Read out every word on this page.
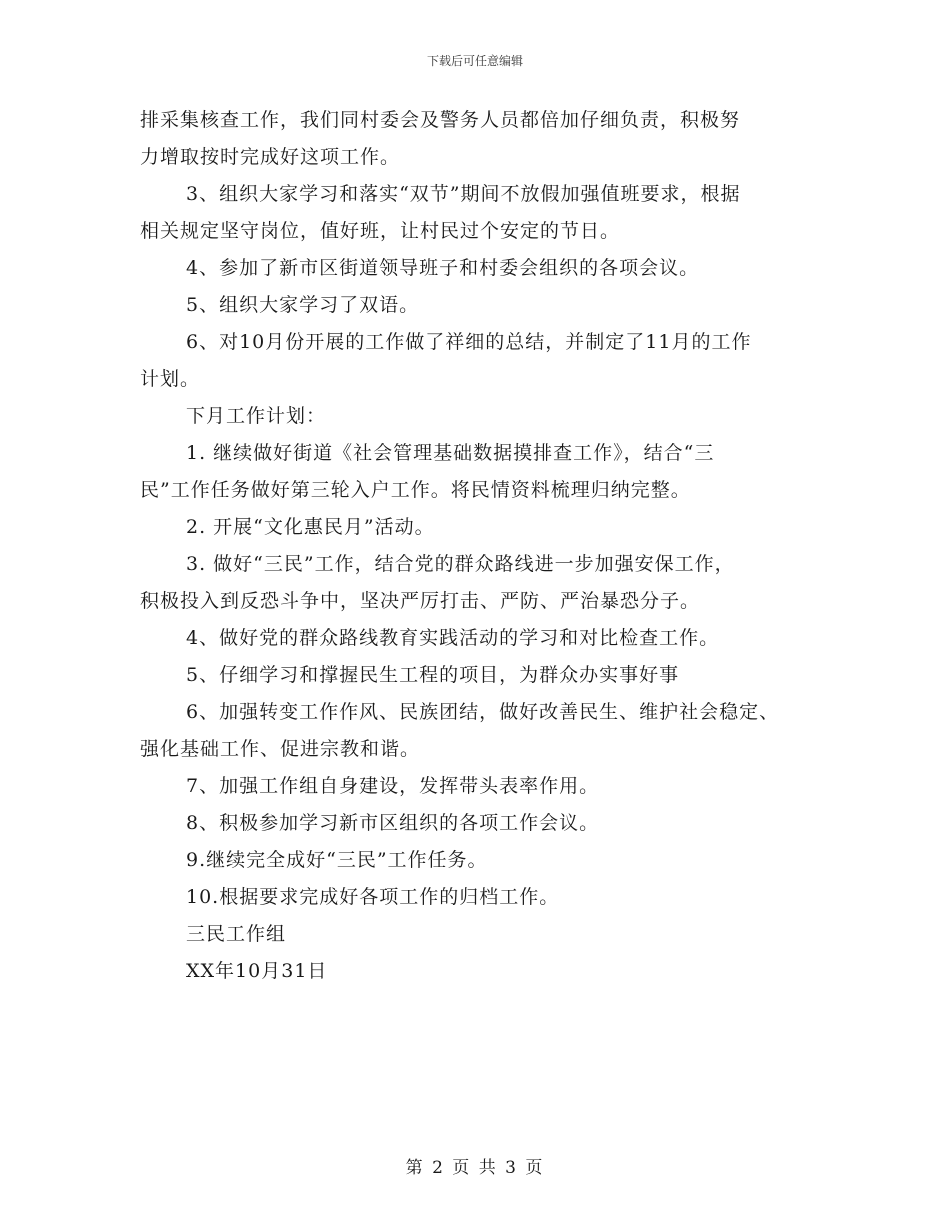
下载后可任意编辑

排采集核查工作，我们同村委会及警务人员都倍加仔细负责，积极努

力增取按时完成好这项工作。

3、组织大家学习和落实“双节”期间不放假加强值班要求，根据

相关规定坚守岗位，值好班，让村民过个安定的节日。

4、参加了新市区街道领导班子和村委会组织的各项会议。

5、组织大家学习了双语。

6、对10月份开展的工作做了祥细的总结，并制定了11月的工作

计划。

下月工作计划：

1. 继续做好街道《社会管理基础数据摸排查工作》，结合“三

民”工作任务做好第三轮入户工作。将民情资料梳理归纳完整。

2. 开展“文化惠民月”活动。

3. 做好“三民”工作，结合党的群众路线进一步加强安保工作，

积极投入到反恐斗争中，坚决严厉打击、严防、严治暴恐分子。

4、做好党的群众路线教育实践活动的学习和对比检查工作。

5、仔细学习和撑握民生工程的项目，为群众办实事好事

6、加强转变工作作风、民族团结，做好改善民生、维护社会稳定、

强化基础工作、促进宗教和谐。

7、加强工作组自身建设，发挥带头表率作用。

8、积极参加学习新市区组织的各项工作会议。

9.继续完全成好“三民”工作任务。

10.根据要求完成好各项工作的归档工作。

三民工作组

XX年10月31日

第 2 页 共 3 页
